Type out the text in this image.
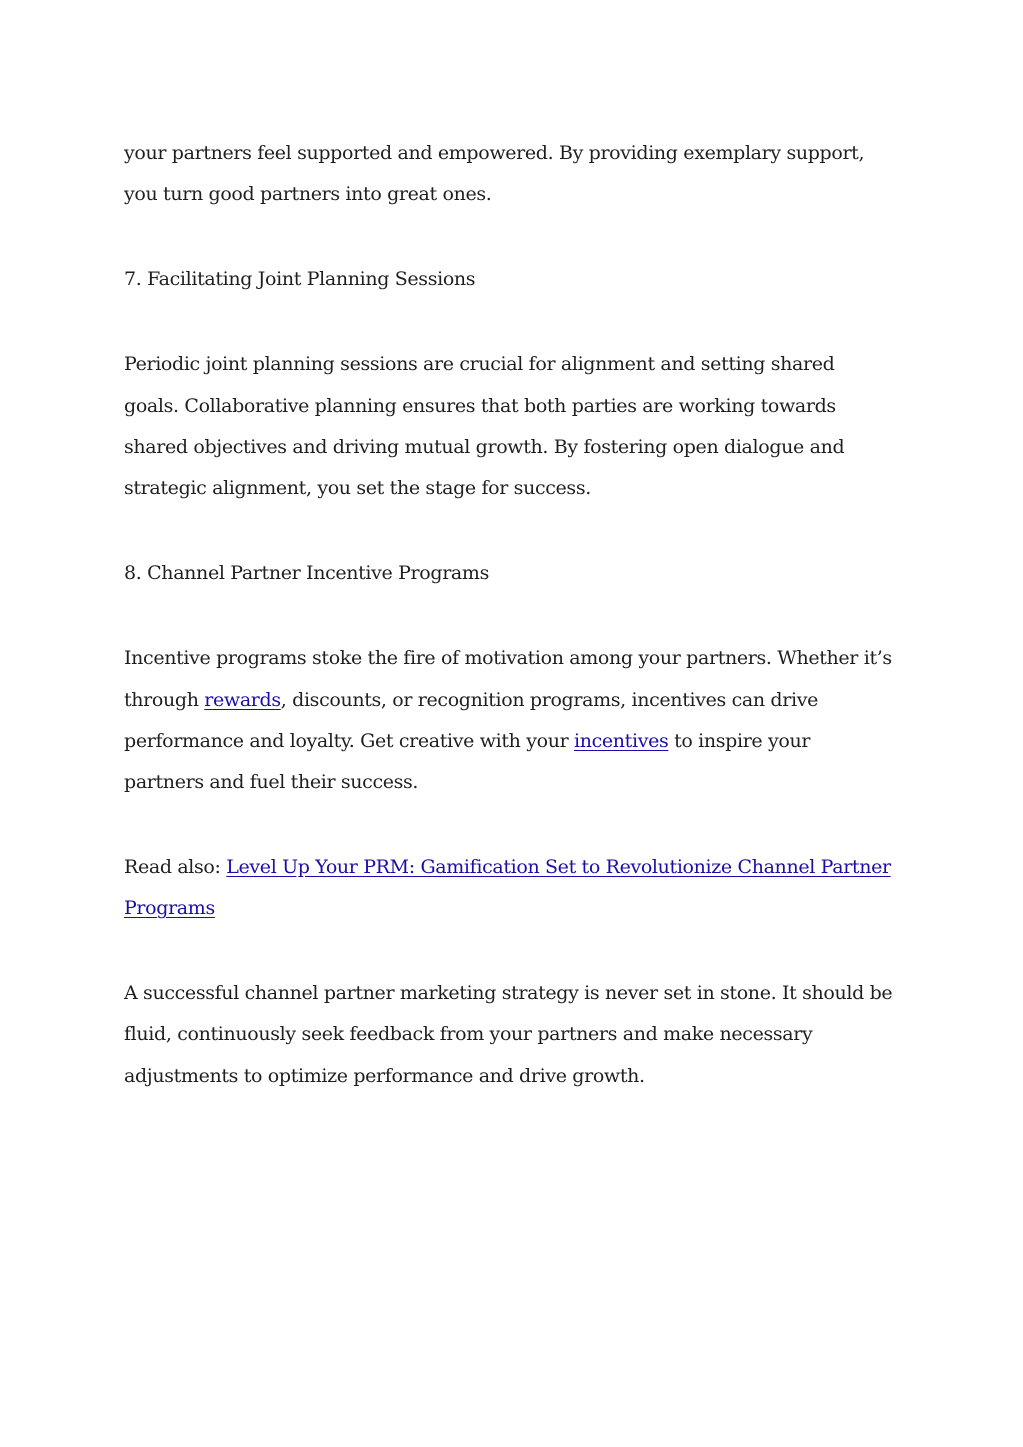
your partners feel supported and empowered. By providing exemplary support, you turn good partners into great ones.

7. Facilitating Joint Planning Sessions

Periodic joint planning sessions are crucial for alignment and setting shared goals. Collaborative planning ensures that both parties are working towards shared objectives and driving mutual growth. By fostering open dialogue and strategic alignment, you set the stage for success.

8. Channel Partner Incentive Programs

Incentive programs stoke the fire of motivation among your partners. Whether it’s through rewards, discounts, or recognition programs, incentives can drive performance and loyalty. Get creative with your incentives to inspire your partners and fuel their success.

Read also: Level Up Your PRM: Gamification Set to Revolutionize Channel Partner Programs

A successful channel partner marketing strategy is never set in stone. It should be fluid, continuously seek feedback from your partners and make necessary adjustments to optimize performance and drive growth.
